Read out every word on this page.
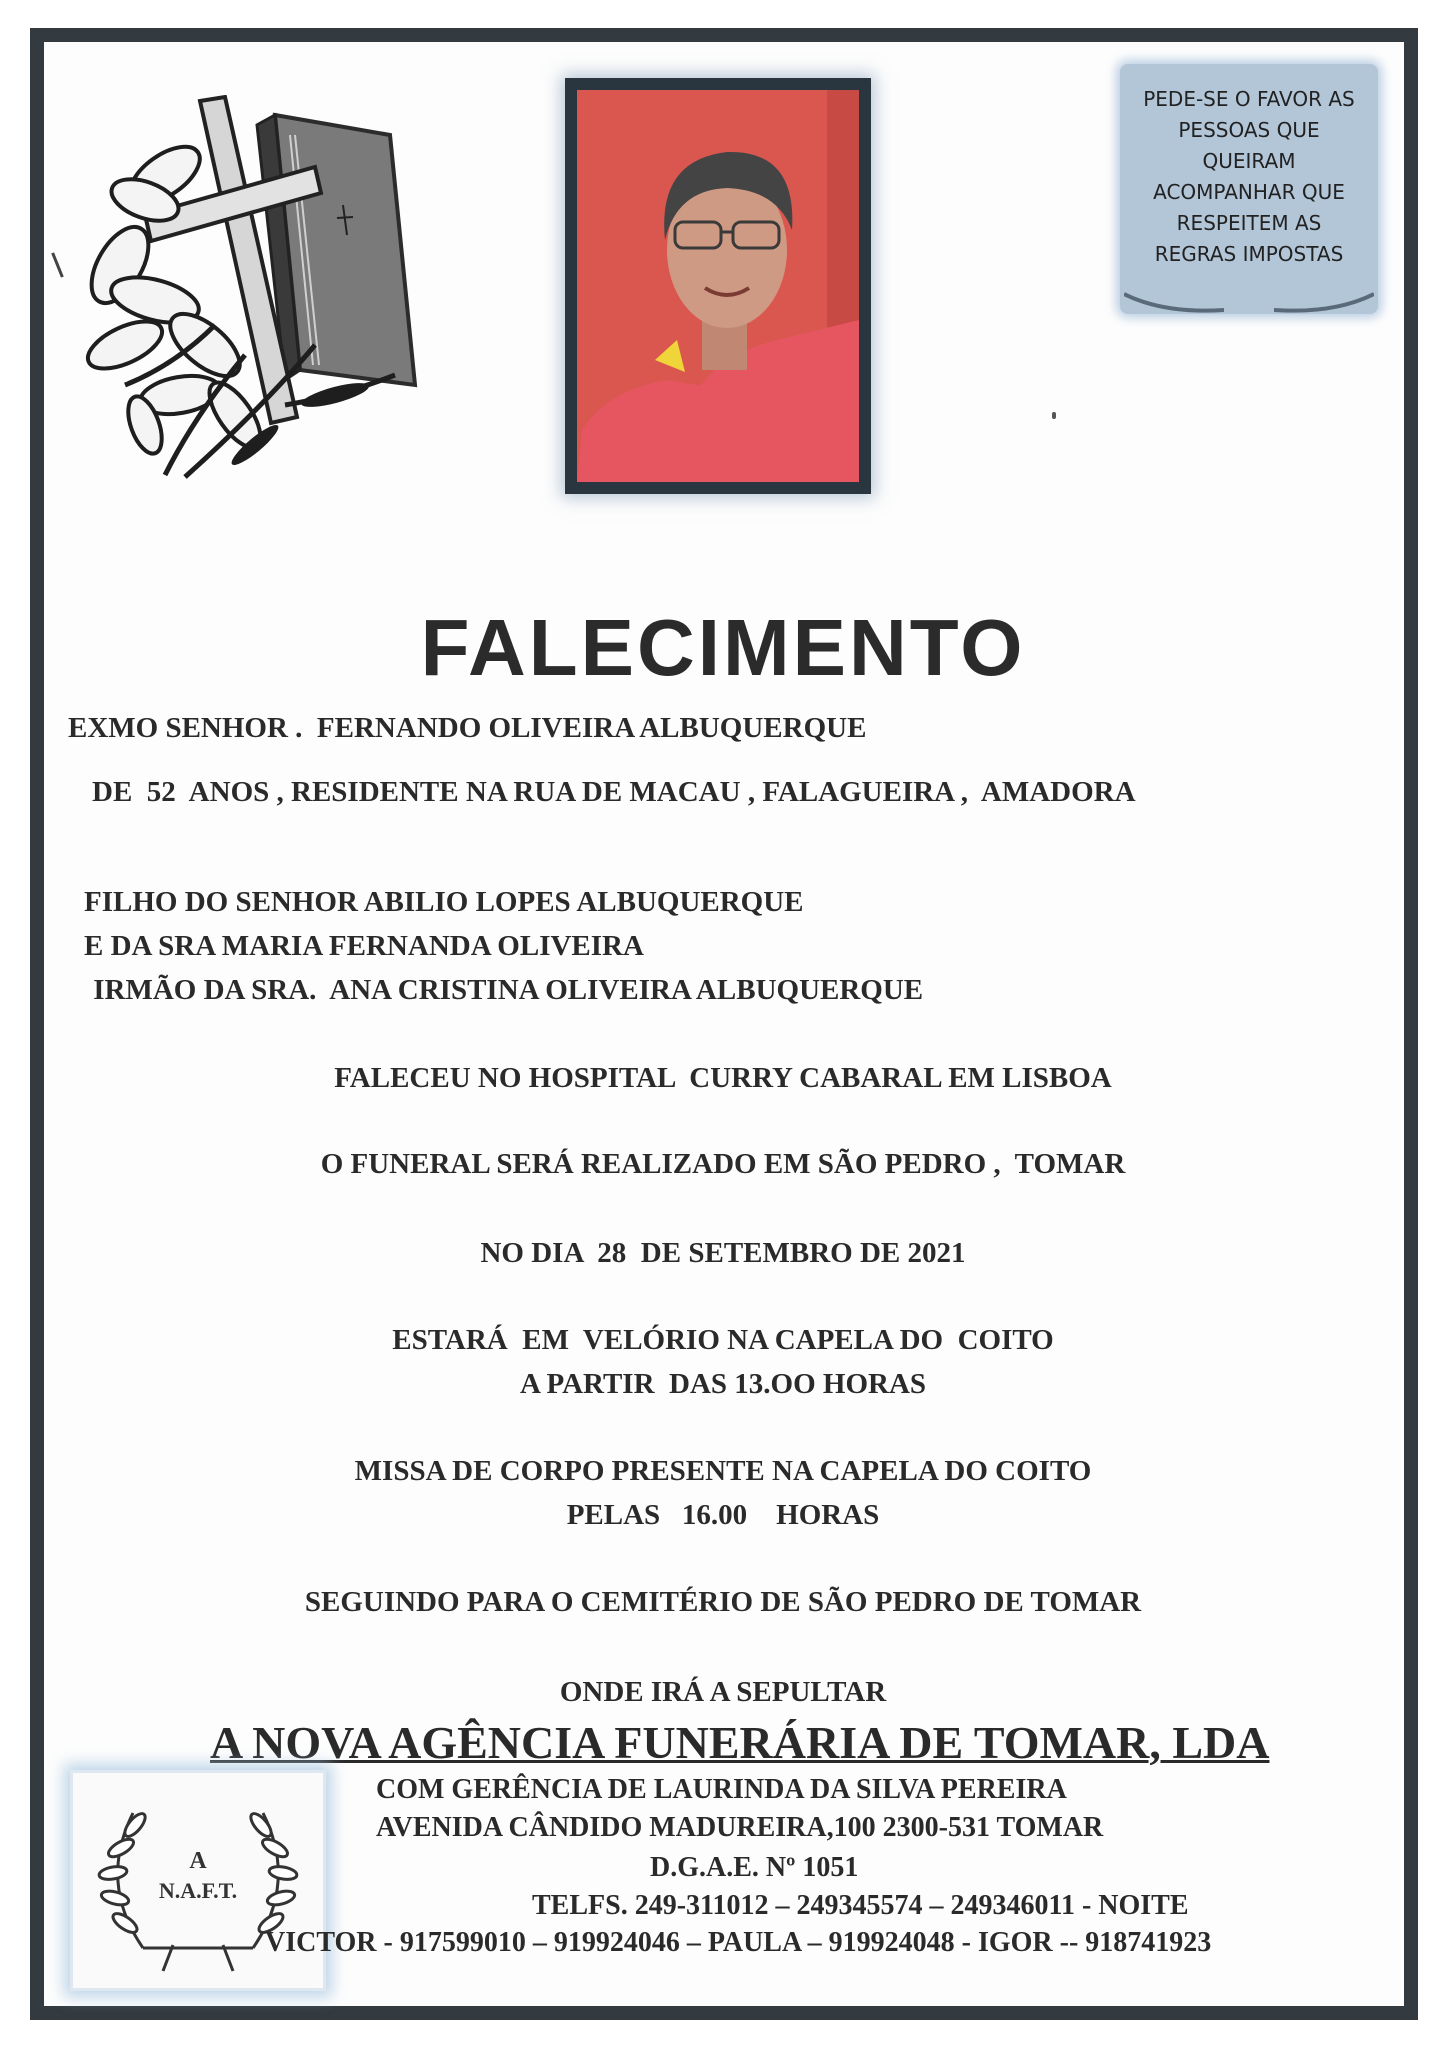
PEDE-SE O FAVOR AS

PESSOAS QUE

QUEIRAM

ACOMPANHAR QUE

RESPEITEM AS

REGRAS IMPOSTAS

FALECIMENTO
EXMO SENHOR .  FERNANDO OLIVEIRA ALBUQUERQUE
DE  52  ANOS , RESIDENTE NA RUA DE MACAU , FALAGUEIRA ,  AMADORA
FILHO DO SENHOR ABILIO LOPES ALBUQUERQUE
E DA SRA MARIA FERNANDA OLIVEIRA
IRMÃO DA SRA.  ANA CRISTINA OLIVEIRA ALBUQUERQUE
FALECEU NO HOSPITAL  CURRY CABARAL EM LISBOA
O FUNERAL SERÁ REALIZADO EM SÃO PEDRO ,  TOMAR
NO DIA  28  DE SETEMBRO DE 2021
ESTARÁ  EM  VELÓRIO NA CAPELA DO  COITO
A PARTIR  DAS 13.OO HORAS
MISSA DE CORPO PRESENTE NA CAPELA DO COITO
PELAS   16.00    HORAS
SEGUINDO PARA O CEMITÉRIO DE SÃO PEDRO DE TOMAR
ONDE IRÁ A SEPULTAR
A NOVA AGÊNCIA FUNERÁRIA DE TOMAR, LDA
A
N.A.F.T.
COM GERÊNCIA DE LAURINDA DA SILVA PEREIRA
AVENIDA CÂNDIDO MADUREIRA,100 2300-531 TOMAR
D.G.A.E. Nº 1051
TELFS. 249-311012 – 249345574 – 249346011 - NOITE
VICTOR - 917599010 – 919924046 – PAULA – 919924048 - IGOR -- 918741923
